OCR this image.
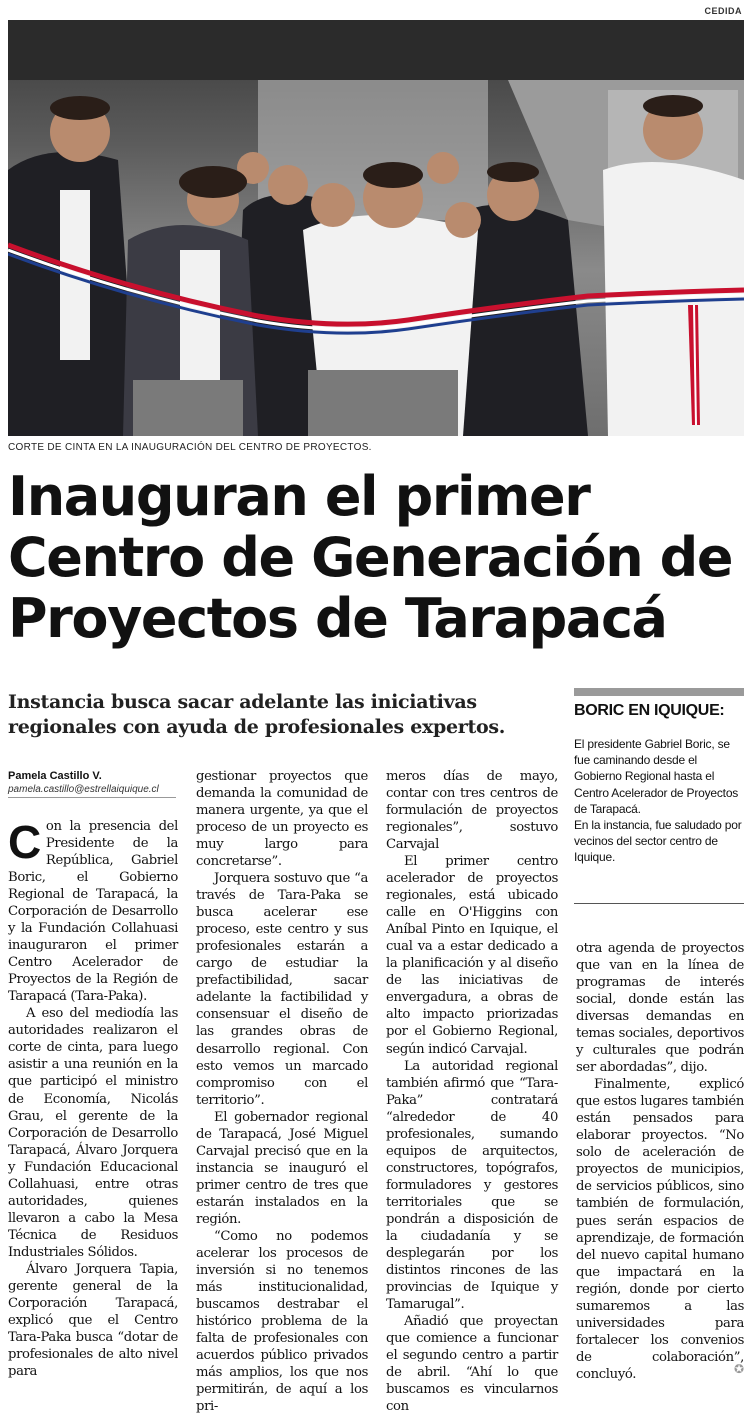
CEDIDA
CORTE DE CINTA EN LA INAUGURACIÓN DEL CENTRO DE PROYECTOS.
Inauguran el primer
Centro de Generación de
Proyectos de Tarapacá
Instancia busca sacar adelante las iniciativas regionales con ayuda de profesionales expertos.
Pamela Castillo V.
pamela.castillo@estrellaiquique.cl

Con la presencia del Presidente de la República, Gabriel Boric, el Gobierno Regional de Tarapacá, la Corporación de Desarrollo y la Fundación Collahuasi inauguraron el primer Centro Acelerador de Proyectos de la Región de Tarapacá (Tara-Paka).

A eso del mediodía las autoridades realizaron el corte de cinta, para luego asistir a una reunión en la que participó el ministro de Economía, Nicolás Grau, el gerente de la Corporación de Desarrollo Tarapacá, Álvaro Jorquera y Fundación Educacional Collahuasi, entre otras autoridades, quienes llevaron a cabo la Mesa Técnica de Residuos Industriales Sólidos.

Álvaro Jorquera Tapia, gerente general de la Corporación Tarapacá, explicó que el Centro Tara-Paka busca “dotar de profesionales de alto nivel para

gestionar proyectos que demanda la comunidad de manera urgente, ya que el proceso de un proyecto es muy largo para concretarse”.

Jorquera sostuvo que “a través de Tara-Paka se busca acelerar ese proceso, este centro y sus profesionales estarán a cargo de estudiar la prefactibilidad, sacar adelante la factibilidad y consensuar el diseño de las grandes obras de desarrollo regional. Con esto vemos un marcado compromiso con el territorio”.

El gobernador regional de Tarapacá, José Miguel Carvajal precisó que en la instancia se inauguró el primer centro de tres que estarán instalados en la región.

“Como no podemos acelerar los procesos de inversión si no tenemos más institucionalidad, buscamos destrabar el histórico problema de la falta de profesionales con acuerdos público privados más amplios, los que nos permitirán, de aquí a los pri-

meros días de mayo, contar con tres centros de formulación de proyectos regionales”, sostuvo Carvajal

El primer centro acelerador de proyectos regionales, está ubicado calle en O'Higgins con Aníbal Pinto en Iquique, el cual va a estar dedicado a la planificación y al diseño de las iniciativas de envergadura, a obras de alto impacto priorizadas por el Gobierno Regional, según indicó Carvajal.

La autoridad regional también afirmó que “Tara-Paka” contratará “alrededor de 40 profesionales, sumando equipos de arquitectos, constructores, topógrafos, formuladores y gestores territoriales que se pondrán a disposición de la ciudadanía y se desplegarán por los distintos rincones de las provincias de Iquique y Tamarugal”.

Añadió que proyectan que comience a funcionar el segundo centro a partir de abril. “Ahí lo que buscamos es vincularnos con

BORIC EN IQUIQUE:

El presidente Gabriel Boric, se fue caminando desde el Gobierno Regional hasta el Centro Acelerador de Proyectos de Tarapacá.

En la instancia, fue saludado por vecinos del sector centro de Iquique.

otra agenda de proyectos que van en la línea de programas de interés social, donde están las diversas demandas en temas sociales, deportivos y culturales que podrán ser abordadas”, dijo.

Finalmente, explicó que estos lugares también están pensados para elaborar proyectos. “No solo de aceleración de proyectos de municipios, de servicios públicos, sino también de formulación, pues serán espacios de aprendizaje, de formación del nuevo capital humano que impactará en la región, donde por cierto sumaremos a las universidades para fortalecer los convenios de colaboración”, concluyó.	✪
